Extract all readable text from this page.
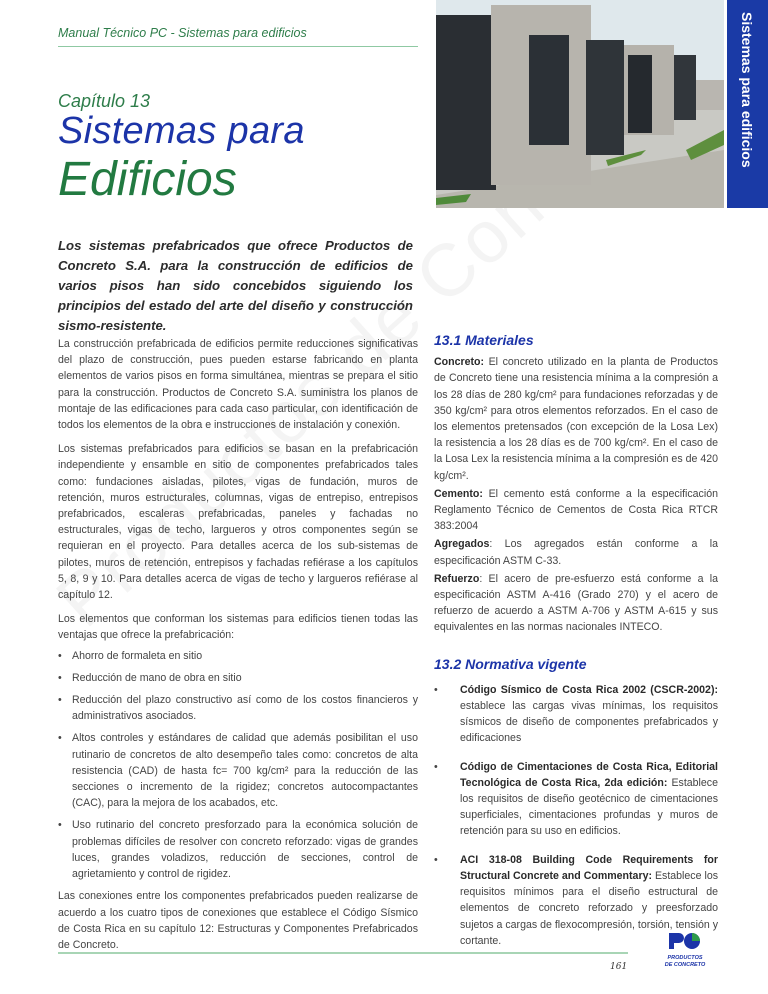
Manual Técnico PC - Sistemas para edificios
Capítulo 13
Sistemas para
Edificios
Sistemas para edificios
Los sistemas prefabricados que ofrece Productos de Concreto S.A. para la construcción de edificios de varios pisos han sido concebidos siguiendo los principios del estado del arte del diseño y construcción sismo-resistente.

La construcción prefabricada de edificios permite reducciones significativas del plazo de construcción, pues pueden estarse fabricando en planta elementos de varios pisos en forma simultánea, mientras se prepara el sitio para la construcción. Productos de Concreto S.A. suministra los planos de montaje de las edificaciones para cada caso particular, con identificación de todos los elementos de la obra e instrucciones de instalación y conexión.

Los sistemas prefabricados para edificios se basan en la prefabricación independiente y ensamble en sitio de componentes prefabricados tales como: fundaciones aisladas, pilotes, vigas de fundación, muros de retención, muros estructurales, columnas, vigas de entrepiso, entrepisos prefabricados, escaleras prefabricadas, paneles y fachadas no estructurales, vigas de techo, largueros y otros componentes según se requieran en el proyecto. Para detalles acerca de los sub-sistemas de pilotes, muros de retención, entrepisos y fachadas refiérase a los capítulos 5, 8, 9 y 10. Para detalles acerca de vigas de techo y largueros refiérase al capítulo 12.

Los elementos que conforman los sistemas para edificios tienen todas las ventajas que ofrece la prefabricación:

• Ahorro de formaleta en sitio
• Reducción de mano de obra en sitio
• Reducción del plazo constructivo así como de los costos financieros y administrativos asociados.
• Altos controles y estándares de calidad que además posibilitan el uso rutinario de concretos de alto desempeño tales como: concretos de alta resistencia (CAD) de hasta fc= 700 kg/cm² para la reducción de las secciones o incremento de la rigidez; concretos autocompactantes (CAC), para la mejora de los acabados, etc.
• Uso rutinario del concreto presforzado para la económica solución de problemas difíciles de resolver con concreto reforzado: vigas de grandes luces, grandes voladizos, reducción de secciones, control de agrietamiento y control de rigidez.

Las conexiones entre los componentes prefabricados pueden realizarse de acuerdo a los cuatro tipos de conexiones que establece el Código Sísmico de Costa Rica en su capítulo 12: Estructuras y Componentes Prefabricados de Concreto.

13.1 Materiales

Concreto: El concreto utilizado en la planta de Productos de Concreto tiene una resistencia mínima a la compresión a los 28 días de 280 kg/cm² para fundaciones reforzadas y de 350 kg/cm² para otros elementos reforzados. En el caso de los elementos pretensados (con excepción de la Losa Lex) la resistencia a los 28 días es de 700 kg/cm². En el caso de la Losa Lex la resistencia mínima a la compresión es de 420 kg/cm².

Cemento: El cemento está conforme a la especificación Reglamento Técnico de Cementos de Costa Rica RTCR 383:2004

Agregados: Los agregados están conforme a la especificación ASTM C-33.

Refuerzo: El acero de pre-esfuerzo está conforme a la especificación ASTM A-416 (Grado 270) y el acero de refuerzo de acuerdo a ASTM A-706 y ASTM A-615 y sus equivalentes en las normas nacionales INTECO.

13.2 Normativa vigente
• Código Sísmico de Costa Rica 2002 (CSCR-2002): establece las cargas vivas mínimas, los requisitos sísmicos de diseño de componentes prefabricados y edificaciones
• Código de Cimentaciones de Costa Rica, Editorial Tecnológica de Costa Rica, 2da edición: Establece los requisitos de diseño geotécnico de cimentaciones superficiales, cimentaciones profundas y muros de retención para su uso en edificios.
• ACI 318-08 Building Code Requirements for Structural Concrete and Commentary: Establece los requisitos mínimos para el diseño estructural de elementos de concreto reforzado y preesforzado sujetos a cargas de flexocompresión, torsión, tensión y cortante.
161
PRODUCTOS
DE CONCRETO
